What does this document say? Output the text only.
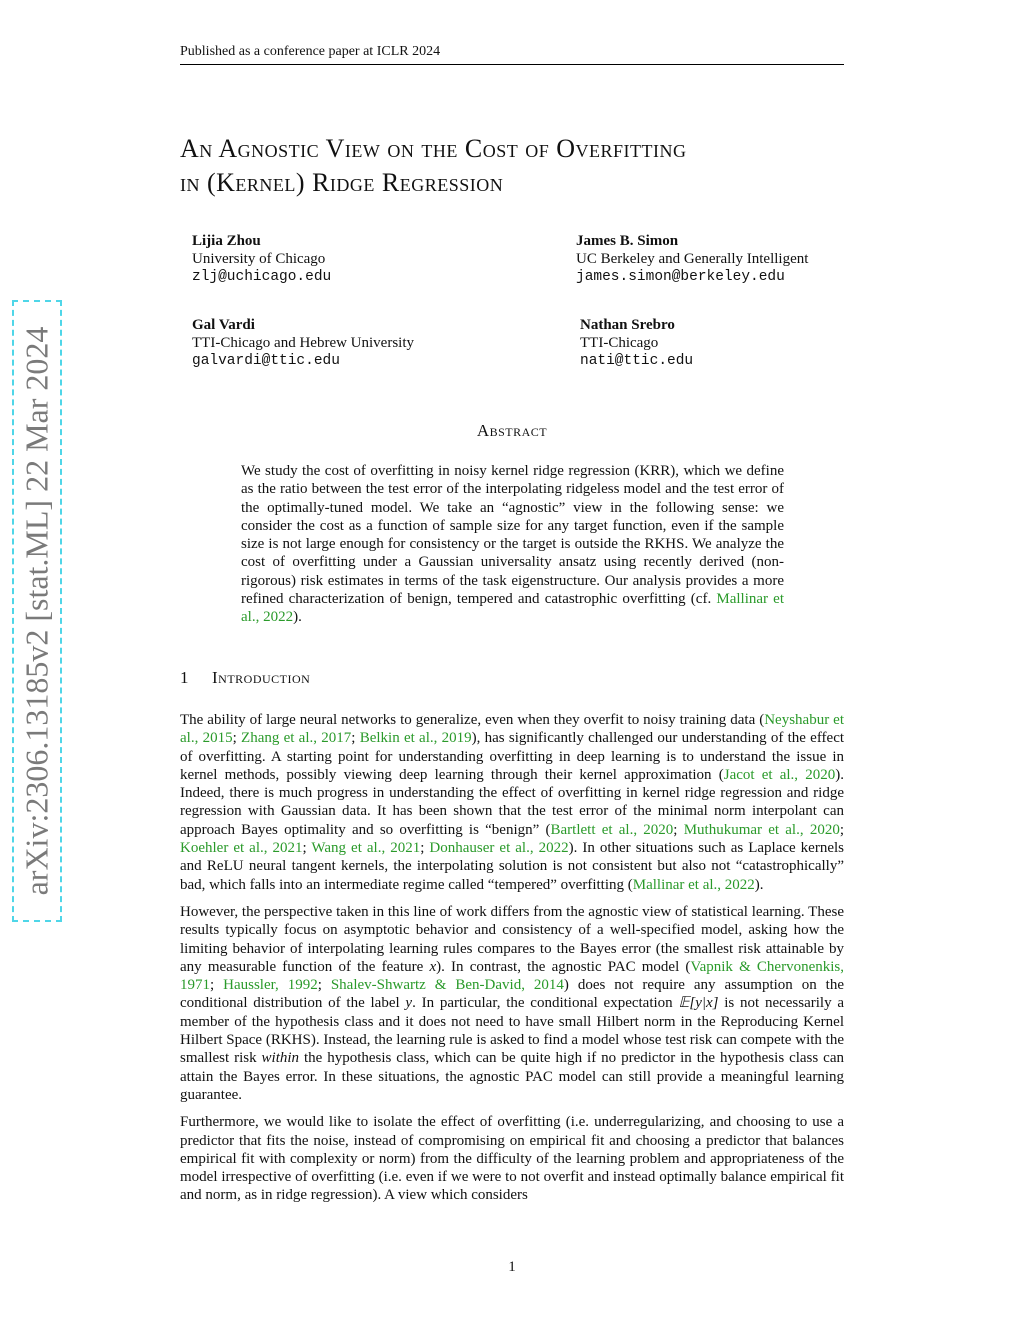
Published as a conference paper at ICLR 2024
arXiv:2306.13185v2 [stat.ML] 22 Mar 2024
An Agnostic View on the Cost of Overfitting
in (Kernel) Ridge Regression
Lijia Zhou
University of Chicago
zlj@uchicago.edu
James B. Simon
UC Berkeley and Generally Intelligent
james.simon@berkeley.edu
Gal Vardi
TTI-Chicago and Hebrew University
galvardi@ttic.edu
Nathan Srebro
TTI-Chicago
nati@ttic.edu
Abstract
We study the cost of overfitting in noisy kernel ridge regression (KRR), which we define as the ratio between the test error of the interpolating ridgeless model and the test error of the optimally-tuned model. We take an “agnostic” view in the following sense: we consider the cost as a function of sample size for any target function, even if the sample size is not large enough for consistency or the target is outside the RKHS. We analyze the cost of overfitting under a Gaussian universality ansatz using recently derived (non-rigorous) risk estimates in terms of the task eigenstructure. Our analysis provides a more refined characterization of benign, tempered and catastrophic overfitting (cf. Mallinar et al., 2022).
1 Introduction

The ability of large neural networks to generalize, even when they overfit to noisy training data (Neyshabur et al., 2015; Zhang et al., 2017; Belkin et al., 2019), has significantly challenged our understanding of the effect of overfitting. A starting point for understanding overfitting in deep learning is to understand the issue in kernel methods, possibly viewing deep learning through their kernel approximation (Jacot et al., 2020). Indeed, there is much progress in understanding the effect of overfitting in kernel ridge regression and ridge regression with Gaussian data. It has been shown that the test error of the minimal norm interpolant can approach Bayes optimality and so overfitting is “benign” (Bartlett et al., 2020; Muthukumar et al., 2020; Koehler et al., 2021; Wang et al., 2021; Donhauser et al., 2022). In other situations such as Laplace kernels and ReLU neural tangent kernels, the interpolating solution is not consistent but also not “catastrophically” bad, which falls into an intermediate regime called “tempered” overfitting (Mallinar et al., 2022).

However, the perspective taken in this line of work differs from the agnostic view of statistical learning. These results typically focus on asymptotic behavior and consistency of a well-specified model, asking how the limiting behavior of interpolating learning rules compares to the Bayes error (the smallest risk attainable by any measurable function of the feature x). In contrast, the agnostic PAC model (Vapnik & Chervonenkis, 1971; Haussler, 1992; Shalev-Shwartz & Ben-David, 2014) does not require any assumption on the conditional distribution of the label y. In particular, the conditional expectation 𝔼[y|x] is not necessarily a member of the hypothesis class and it does not need to have small Hilbert norm in the Reproducing Kernel Hilbert Space (RKHS). Instead, the learning rule is asked to find a model whose test risk can compete with the smallest risk within the hypothesis class, which can be quite high if no predictor in the hypothesis class can attain the Bayes error. In these situations, the agnostic PAC model can still provide a meaningful learning guarantee.

Furthermore, we would like to isolate the effect of overfitting (i.e. underregularizing, and choosing to use a predictor that fits the noise, instead of compromising on empirical fit and choosing a predictor that balances empirical fit with complexity or norm) from the difficulty of the learning problem and appropriateness of the model irrespective of overfitting (i.e. even if we were to not overfit and instead optimally balance empirical fit and norm, as in ridge regression). A view which considers

1
